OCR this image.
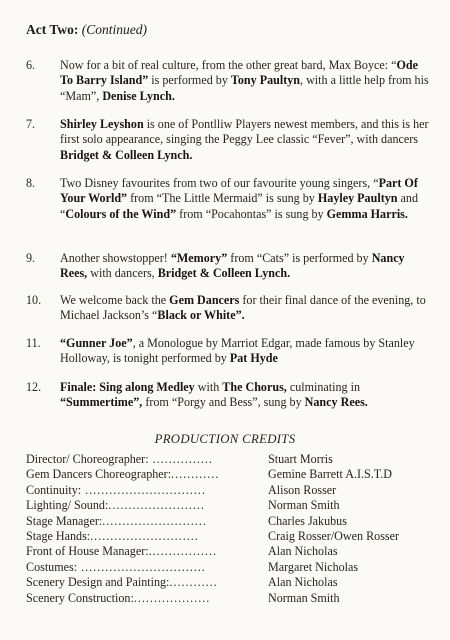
Act Two: (Continued)
6.	Now for a bit of real culture, from the other great bard, Max Boyce: “Ode To Barry Island” is performed by Tony Paultyn, with a little help from his “Mam”, Denise Lynch.
7.	Shirley Leyshon is one of Pontlliw Players newest members, and this is her first solo appearance, singing the Peggy Lee classic “Fever”, with dancers Bridget & Colleen Lynch.
8.	Two Disney favourites from two of our favourite young singers, “Part Of Your World” from “The Little Mermaid” is sung by Hayley Paultyn and “Colours of the Wind” from “Pocahontas” is sung by Gemma Harris.
9.	Another showstopper! “Memory” from “Cats” is performed by Nancy Rees, with dancers, Bridget & Colleen Lynch.
10.	We welcome back the Gem Dancers for their final dance of the evening, to Michael Jackson’s “Black or White”.
11.	“Gunner Joe”, a Monologue by Marriot Edgar, made famous by Stanley Holloway, is tonight performed by Pat Hyde
12.	Finale: Sing along Medley with The Chorus, culminating in “Summertime”, from “Porgy and Bess”, sung by Nancy Rees.
PRODUCTION CREDITS
Director/ Choreographer: ...............	Stuart Morris
Gem Dancers Choreographer:............	Gemine Barrett A.I.S.T.D
Continuity: ..............................	Alison Rosser
Lighting/ Sound:........................	Norman Smith
Stage Manager:..........................	Charles Jakubus
Stage Hands:...........................	Craig Rosser/Owen Rosser
Front of House Manager:.................	Alan Nicholas
Costumes: ...............................	Margaret Nicholas
Scenery Design and Painting:............	Alan Nicholas
Scenery Construction:...................	Norman Smith
